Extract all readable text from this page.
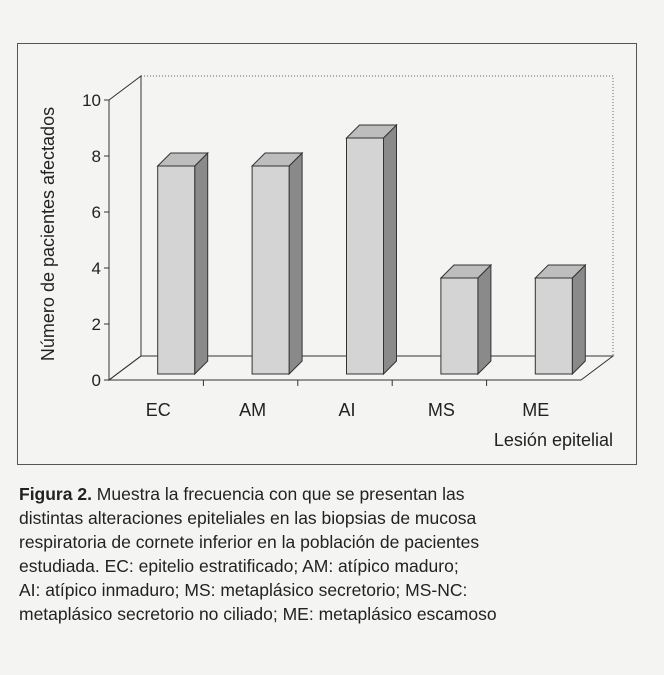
0
2
4
6
8
10
Número de pacientes afectados
EC	AM	AI	MS	ME
Lesión epitelial

Figura 2. Muestra la frecuencia con que se presentan las
distintas alteraciones epiteliales en las biopsias de mucosa
respiratoria de cornete inferior en la población de pacientes
estudiada. EC: epitelio estratificado; AM: atípico maduro;
AI: atípico inmaduro; MS: metaplásico secretorio; MS-NC:
metaplásico secretorio no ciliado; ME: metaplásico escamoso
